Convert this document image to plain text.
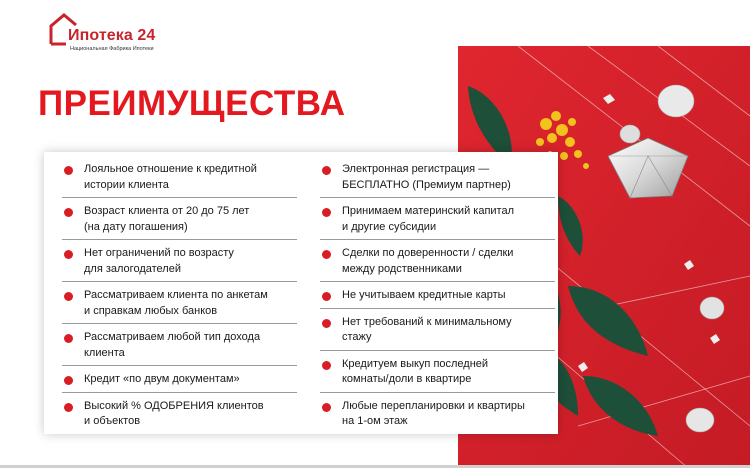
Ипотека 24
Национальная Фабрика Ипотеки
ПРЕИМУЩЕСТВА
Лояльное отношение к кредитной
истории клиента
Возраст клиента от 20 до 75 лет
(на дату погашения)
Нет ограничений по возрасту
для залогодателей
Рассматриваем клиента по анкетам
и справкам любых банков
Рассматриваем любой тип дохода
клиента
Кредит «по двум документам»
Высокий % ОДОБРЕНИЯ клиентов
и объектов
Электронная регистрация —
БЕСПЛАТНО (Премиум партнер)
Принимаем материнский капитал
и другие субсидии
Сделки по доверенности / сделки
между родственниками
Не учитываем кредитные карты
Нет требований к минимальному
стажу
Кредитуем выкуп последней
комнаты/доли в квартире
Любые перепланировки и квартиры
на 1-ом этаж
